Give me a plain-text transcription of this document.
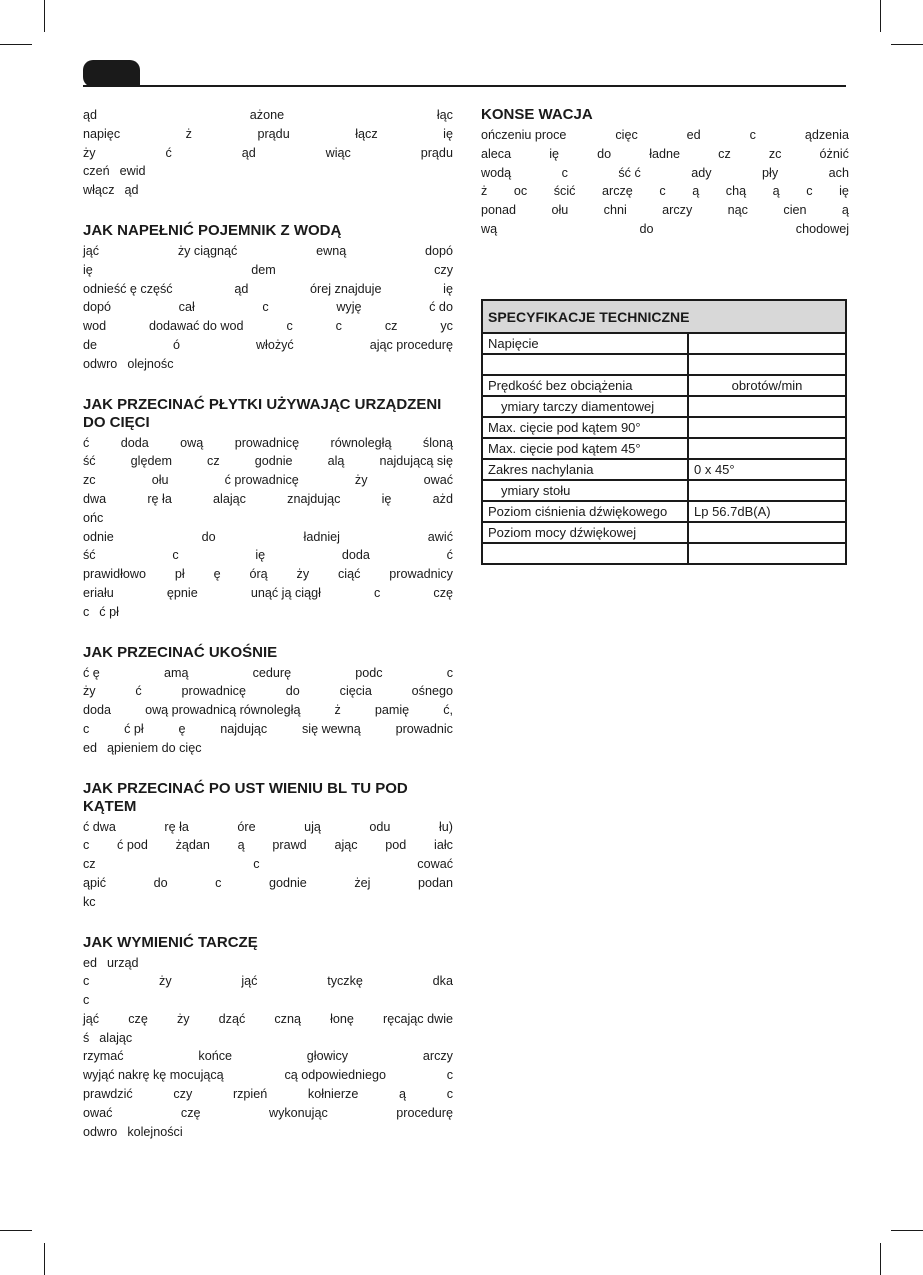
ąd	ażone	łąc
napięc	ż	prądu	łącz	ię
ży	ć	ąd	wiąc	prądu
czeń ewid
włącz ąd
JAK NAPEŁNIĆ POJEMNIK Z WODĄ
jąć	ży ciągnąć	ewną	dopó
ię	dem	czy
odnieść ę część	ąd	órej znajduje	ię
dopó	cał	c	wyję	ć do
wod	dodawać do wod	c	c	cz	yc
de	ó	włożyć	ając procedurę
odwro olejnośc
JAK PRZECINAĆ PŁYTKI UŻYWAJĄC URZĄDZENI DO CIĘCI
ć doda ową prowadnicę równoległą śloną
ść	ględem	cz	godnie	alą	najdującą się
zc	ołu	ć prowadnicę	ży	ować
dwa	rę ła	alając	znajdując	ię	ażd
ońc
odnie	do	ładniej	awić
ść	c	ię	doda	ć
prawidłowo pł ę órą ży ciąć prowadnicy
eriału	ępnie	unąć ją ciągł	c	czę
c ć pł
JAK PRZECINAĆ UKOŚNIE
ć ę	amą	cedurę	podc	c
ży	ć	prowadnicę	do	cięcia	ośnego
doda	ową prowadnicą równoległą	ż	pamię	ć,
c	ć pł	ę	najdując	się wewną	prowadnic
ed ąpieniem do cięc
JAK PRZECINAĆ PO UST WIENIU BL TU POD KĄTEM
ć dwa	rę ła	óre	ują	odu	łu)
c ć pod żądan ą prawd ając pod iałc
cz	c	cować
ąpić	do	c	godnie	żej	podan
kc
JAK WYMIENIĆ TARCZĘ
ed urząd
c	ży	jąć	tyczkę	dka
c
jąć czę ży dząć czną łonę ręcając dwie
ś alając
rzymać	końce	głowicy	arczy
wyjąć nakrę kę mocującą	cą odpowiedniego	c
prawdzić	czy	rzpień	kołnierze	ą	c
ować	czę	wykonując	procedurę
odwro kolejności
KONSE WACJA
ończeniu proce	cięc	ed	c	ądzenia
aleca	ię	do	ładne	cz	zc	óżnić
wodą	c	ść ć	ady	pły	ach
ż oc ścić arczę c ą chą ą c ię
ponad	ołu	chni	arczy	nąc	cien	ą
wą	do	chodowej
SPECYFIKACJE TECHNICZNE	
Napięcie	

Prędkość bez obciążenia	obrotów/min
ymiary tarczy diamentowej	
Max. cięcie pod kątem 90°	
Max. cięcie pod kątem 45°	
Zakres nachylania	0 x 45°
ymiary stołu	
Poziom ciśnienia dźwiękowego	Lp 56.7dB(A)
Poziom mocy dźwiękowej	
